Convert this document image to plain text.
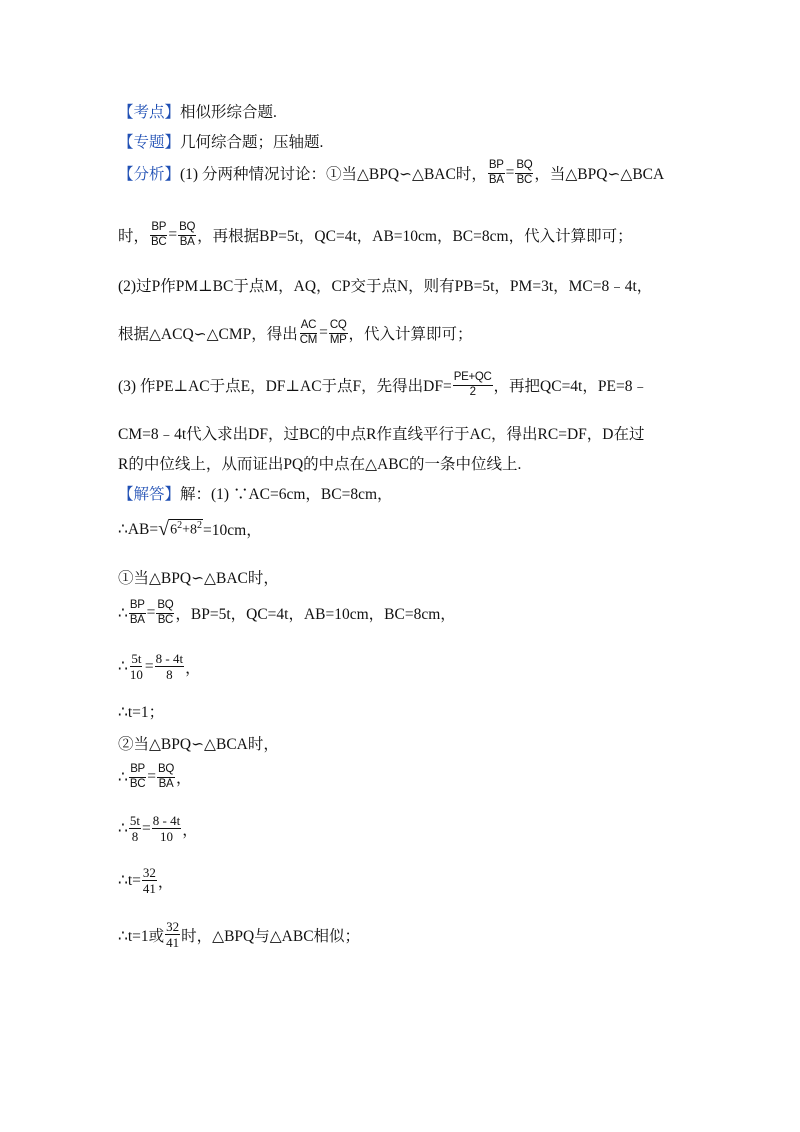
【考点】 相似形综合题.
【专题】 几何综合题；压轴题.
【分析】 (1) 分两种情况讨论：①当△BPQ∽△BAC时， $\frac{BP}{BA} = \frac{BQ}{BC}$ ，当△BPQ∽△BCA
时， $\frac{BP}{BC} = \frac{BQ}{BA}$ ，再根据BP=5t，QC=4t，AB=10cm，BC=8cm，代入计算即可；
(2)过P作PM⊥BC于点M，AQ，CP交于点N，则有PB=5t，PM=3t，MC=8﹣4t，
根据△ACQ∽△CMP，得出 $\frac{AC}{CM} = \frac{CQ}{MP}$ ，代入计算即可；
(3) 作PE⊥AC于点E，DF⊥AC于点F，先得出$DF= \frac{PE+QC}{2}$ ，再把QC=4t，PE=8﹣
CM=8﹣4t代入求出DF，过BC的中点R作直线平行于AC，得出RC=DF，D在过
R的中位线上，从而证出PQ的中点在△ABC的一条中位线上.
【解答】 解：(1) ∵AC=6cm，BC=8cm，
∴AB= √ $6^2+8^2 =10cm$，
①当△BPQ∽△BAC时，
∴ $\frac{BP}{BA} = \frac{BQ}{BC}$ ，BP=5t，QC=4t，AB=10cm，BC=8cm，
∴ $\frac{5t}{10} = \frac{8 - 4t}{8}$ ，
∴t=1；
②当△BPQ∽△BCA时，
∴ $\frac{BP}{BC} = \frac{BQ}{BA}$ ，
∴ $\frac{5t}{8} = \frac{8 - 4t}{10}$ ，
∴t= $\frac{32}{41}$ ，
∴t=1或 $\frac{32}{41}$ 时，△BPQ与△ABC相似；
